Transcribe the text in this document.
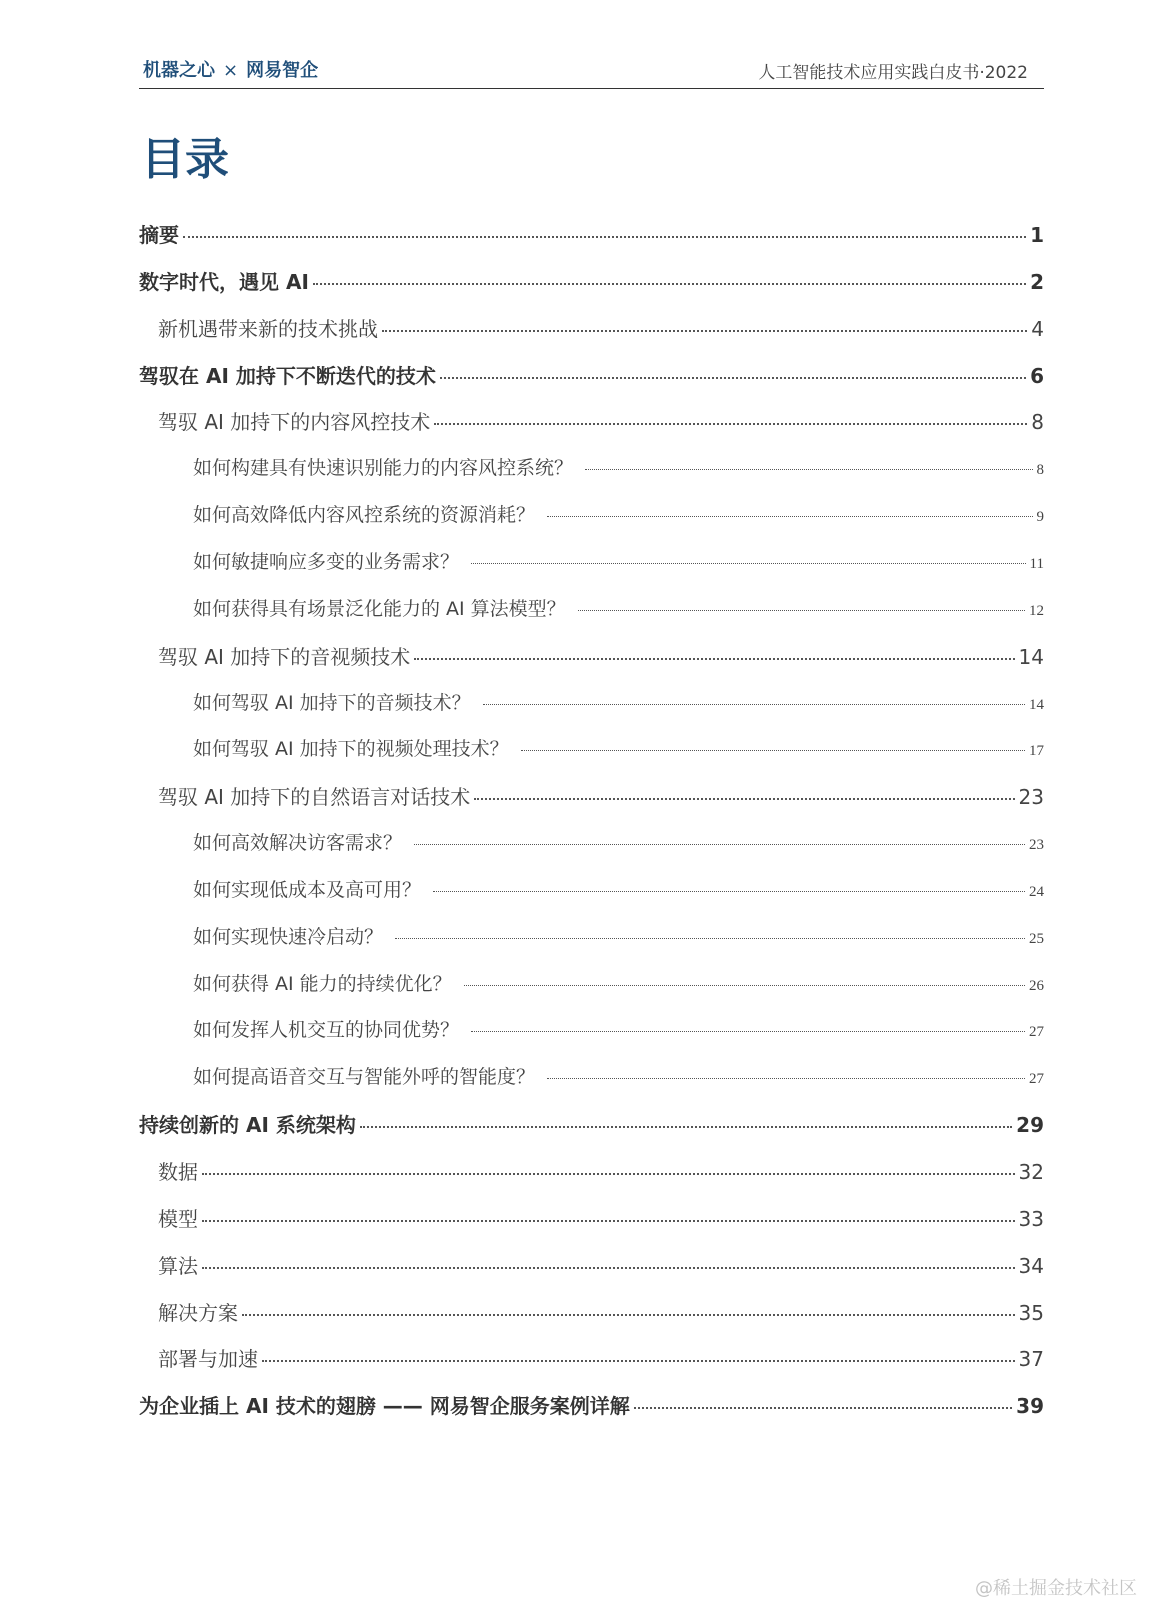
机器之心 × 网易智企	人工智能技术应用实践白皮书·2022
目录
摘要	1
数字时代，遇见 AI	2
新机遇带来新的技术挑战	4
驾驭在 AI 加持下不断迭代的技术	6
驾驭 AI 加持下的内容风控技术	8
如何构建具有快速识别能力的内容风控系统？	8
如何高效降低内容风控系统的资源消耗？	9
如何敏捷响应多变的业务需求？	11
如何获得具有场景泛化能力的 AI 算法模型？	12
驾驭 AI 加持下的音视频技术	14
如何驾驭 AI 加持下的音频技术？	14
如何驾驭 AI 加持下的视频处理技术？	17
驾驭 AI 加持下的自然语言对话技术	23
如何高效解决访客需求？	23
如何实现低成本及高可用？	24
如何实现快速冷启动？	25
如何获得 AI 能力的持续优化？	26
如何发挥人机交互的协同优势？	27
如何提高语音交互与智能外呼的智能度？	27
持续创新的 AI 系统架构	29
数据	32
模型	33
算法	34
解决方案	35
部署与加速	37
为企业插上 AI 技术的翅膀 —— 网易智企服务案例详解	39
@稀土掘金技术社区
